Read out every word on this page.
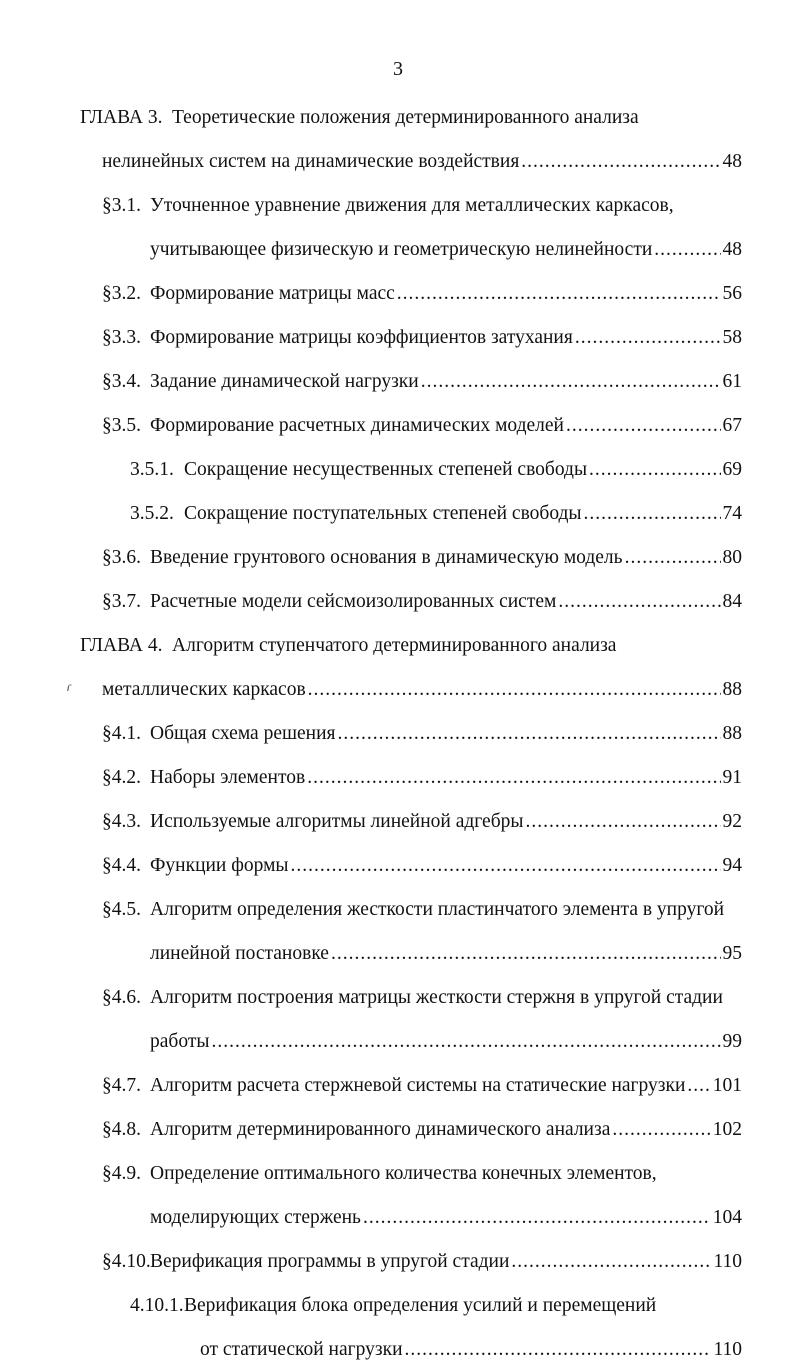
3
ГЛАВА 3. Теоретические положения детерминированного анализа
нелинейных систем на динамические воздействия .....	48
§3.1. Уточненное уравнение движения для металлических каркасов,
учитывающее физическую и геометрическую нелинейности .....	48
§3.2. Формирование матрицы масс .....	56
§3.3. Формирование матрицы коэффициентов затухания .....	58
§3.4. Задание динамической нагрузки .....	61
§3.5. Формирование расчетных динамических моделей .....	67
3.5.1. Сокращение несущественных степеней свободы .....	69
3.5.2. Сокращение поступательных степеней свободы .....	74
§3.6. Введение грунтового основания в динамическую модель .....	80
§3.7. Расчетные модели сейсмоизолированных систем .....	84
ГЛАВА 4. Алгоритм ступенчатого детерминированного анализа
металлических каркасов .....	88
§4.1. Общая схема решения .....	88
§4.2. Наборы элементов .....	91
§4.3. Используемые алгоритмы линейной адгебры .....	92
§4.4. Функции формы .....	94
§4.5. Алгоритм определения жесткости пластинчатого элемента в упругой
линейной постановке .....	95
§4.6. Алгоритм построения матрицы жесткости стержня в упругой стадии
работы .....	99
§4.7. Алгоритм расчета стержневой системы на статические нагрузки ..... 101
§4.8. Алгоритм детерминированного динамического анализа .....	102
§4.9. Определение оптимального количества конечных элементов,
моделирующих стержень .....	104
§4.10. Верификация программы в упругой стадии .....	110
4.10.1. Верификация блока определения усилий и перемещений
от статической нагрузки .....	110
ɾ
